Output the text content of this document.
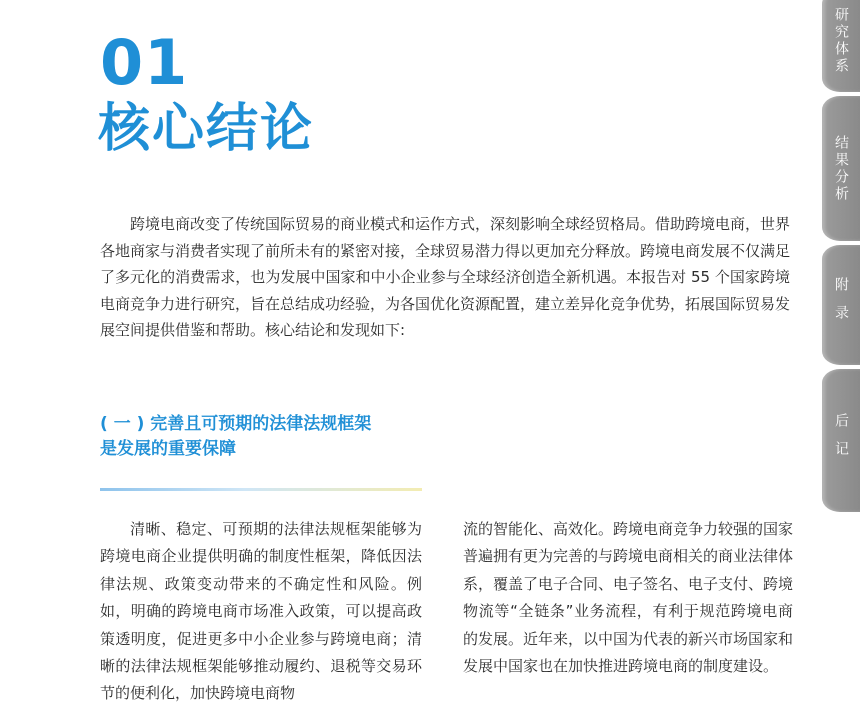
01
核心结论

跨境电商改变了传统国际贸易的商业模式和运作方式，深刻影响全球经贸格局。借助跨境电商，世界各地商家与消费者实现了前所未有的紧密对接，全球贸易潜力得以更加充分释放。跨境电商发展不仅满足了多元化的消费需求，也为发展中国家和中小企业参与全球经济创造全新机遇。本报告对 55 个国家跨境电商竞争力进行研究，旨在总结成功经验，为各国优化资源配置，建立差异化竞争优势，拓展国际贸易发展空间提供借鉴和帮助。核心结论和发现如下:

( 一 ) 完善且可预期的法律法规框架
是发展的重要保障

清晰、稳定、可预期的法律法规框架能够为跨境电商企业提供明确的制度性框架，降低因法律法规、政策变动带来的不确定性和风险。例如，明确的跨境电商市场准入政策，可以提高政策透明度，促进更多中小企业参与跨境电商；清晰的法律法规框架能够推动履约、退税等交易环节的便利化，加快跨境电商物

流的智能化、高效化。跨境电商竞争力较强的国家普遍拥有更为完善的与跨境电商相关的商业法律体系，覆盖了电子合同、电子签名、电子支付、跨境物流等“全链条”业务流程，有利于规范跨境电商的发展。近年来，以中国为代表的新兴市场国家和发展中国家也在加快推进跨境电商的制度建设。

研究体系
结果分析
附录
后记
